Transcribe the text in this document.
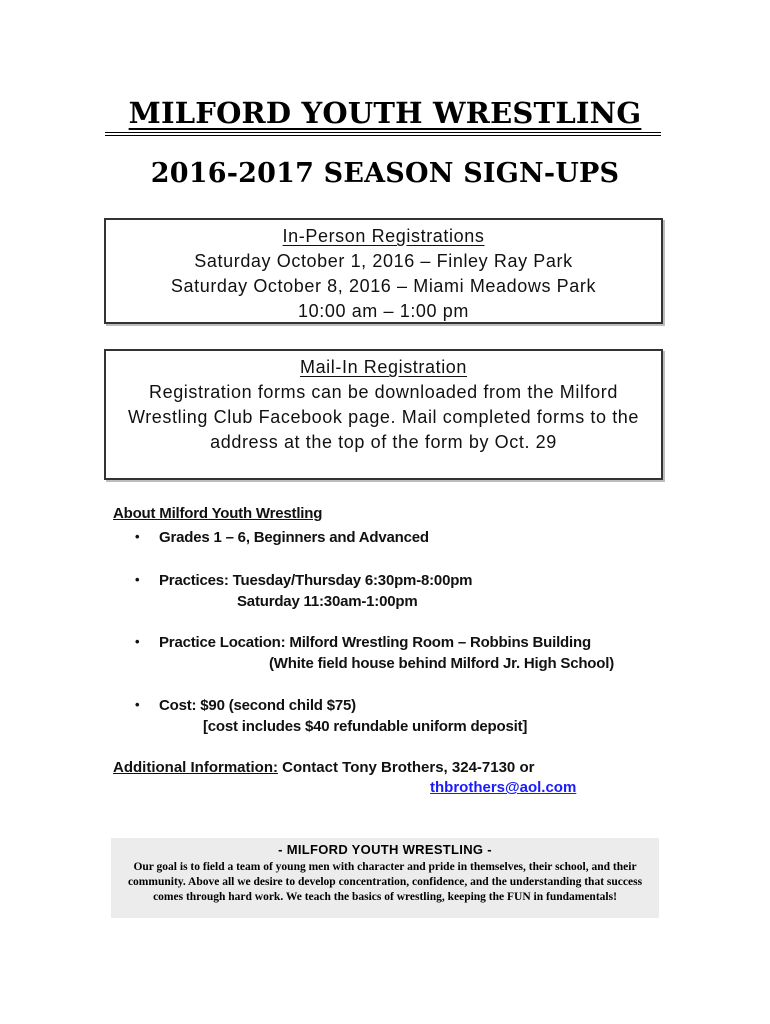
MILFORD YOUTH WRESTLING
2016-2017 SEASON SIGN-UPS
In-Person Registrations
Saturday October 1, 2016 – Finley Ray Park
Saturday October 8, 2016 – Miami Meadows Park
10:00 am – 1:00 pm
Mail-In Registration
Registration forms can be downloaded from the Milford Wrestling Club Facebook page. Mail completed forms to the address at the top of the form by Oct. 29
About Milford Youth Wrestling
• Grades 1 – 6, Beginners and Advanced
• Practices: Tuesday/Thursday 6:30pm-8:00pm
Saturday 11:30am-1:00pm
• Practice Location: Milford Wrestling Room – Robbins Building
(White field house behind Milford Jr. High School)
• Cost: $90 (second child $75)
[cost includes $40 refundable uniform deposit]
Additional Information: Contact Tony Brothers, 324-7130 or
thbrothers@aol.com
- MILFORD YOUTH WRESTLING -
Our goal is to field a team of young men with character and pride in themselves, their school, and their community. Above all we desire to develop concentration, confidence, and the understanding that success comes through hard work. We teach the basics of wrestling, keeping the FUN in fundamentals!
